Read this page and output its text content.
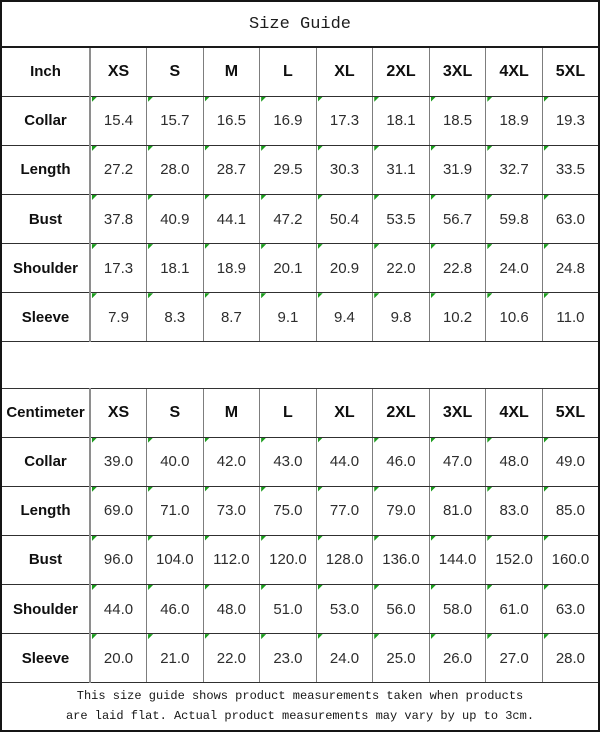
Size Guide									
Inch	XS	S	M	L	XL	2XL	3XL	4XL	5XL
Collar	15.4	15.7	16.5	16.9	17.3	18.1	18.5	18.9	19.3
Length	27.2	28.0	28.7	29.5	30.3	31.1	31.9	32.7	33.5
Bust	37.8	40.9	44.1	47.2	50.4	53.5	56.7	59.8	63.0
Shoulder	17.3	18.1	18.9	20.1	20.9	22.0	22.8	24.0	24.8
Sleeve	7.9	8.3	8.7	9.1	9.4	9.8	10.2	10.6	11.0

Centimeter	XS	S	M	L	XL	2XL	3XL	4XL	5XL
Collar	39.0	40.0	42.0	43.0	44.0	46.0	47.0	48.0	49.0
Length	69.0	71.0	73.0	75.0	77.0	79.0	81.0	83.0	85.0
Bust	96.0	104.0	112.0	120.0	128.0	136.0	144.0	152.0	160.0
Shoulder	44.0	46.0	48.0	51.0	53.0	56.0	58.0	61.0	63.0
Sleeve	20.0	21.0	22.0	23.0	24.0	25.0	26.0	27.0	28.0

This size guide shows product measurements taken when products
are laid flat. Actual product measurements may vary by up to 3cm.									
